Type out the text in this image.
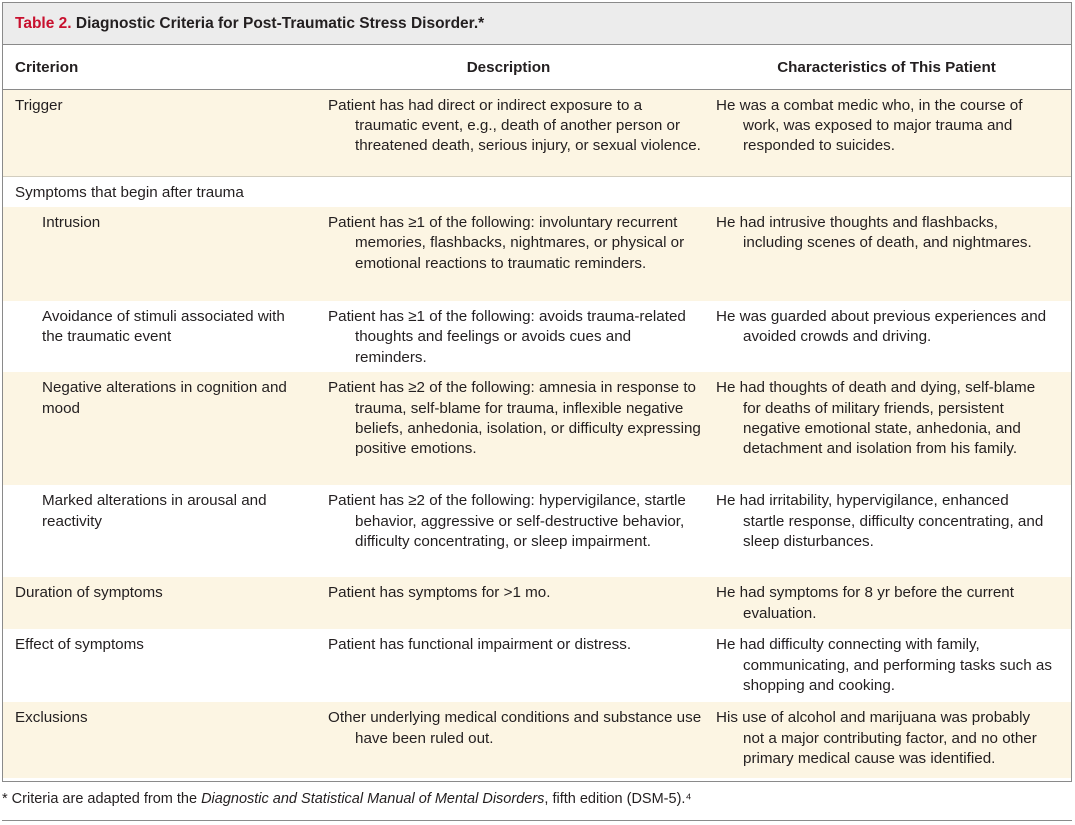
Table 2. Diagnostic Criteria for Post-Traumatic Stress Disorder.*
Criterion	Description	Characteristics of This Patient
Trigger	Patient has had direct or indirect exposure to a traumatic event, e.g., death of another person or threatened death, serious injury, or sexual violence.	He was a combat medic who, in the course of work, was exposed to major trauma and responded to suicides.

Symptoms that begin after trauma		

Intrusion	Patient has ≥1 of the following: involuntary recurrent memories, flashbacks, nightmares, or physical or emotional reactions to traumatic reminders.	He had intrusive thoughts and flashbacks, including scenes of death, and nightmares.

Avoidance of stimuli associated with the traumatic event	Patient has ≥1 of the following: avoids trauma-related thoughts and feelings or avoids cues and reminders.	He was guarded about previous experiences and avoided crowds and driving.

Negative alterations in cognition and mood	Patient has ≥2 of the following: amnesia in response to trauma, self-blame for trauma, inflexible negative beliefs, anhedonia, isolation, or difficulty expressing positive emotions.	He had thoughts of death and dying, self-blame for deaths of military friends, persistent negative emotional state, anhedonia, and detachment and isolation from his family.

Marked alterations in arousal and reactivity	Patient has ≥2 of the following: hypervigilance, startle behavior, aggressive or self-destructive behavior, difficulty concentrating, or sleep impairment.	He had irritability, hypervigilance, enhanced startle response, difficulty concentrating, and sleep disturbances.

Duration of symptoms	Patient has symptoms for >1 mo.	He had symptoms for 8 yr before the current evaluation.

Effect of symptoms	Patient has functional impairment or distress.	He had difficulty connecting with family, communicating, and performing tasks such as shopping and cooking.

Exclusions	Other underlying medical conditions and substance use have been ruled out.	His use of alcohol and marijuana was probably not a major contributing factor, and no other primary medical cause was identified.
* Criteria are adapted from the Diagnostic and Statistical Manual of Mental Disorders, fifth edition (DSM-5).⁴
